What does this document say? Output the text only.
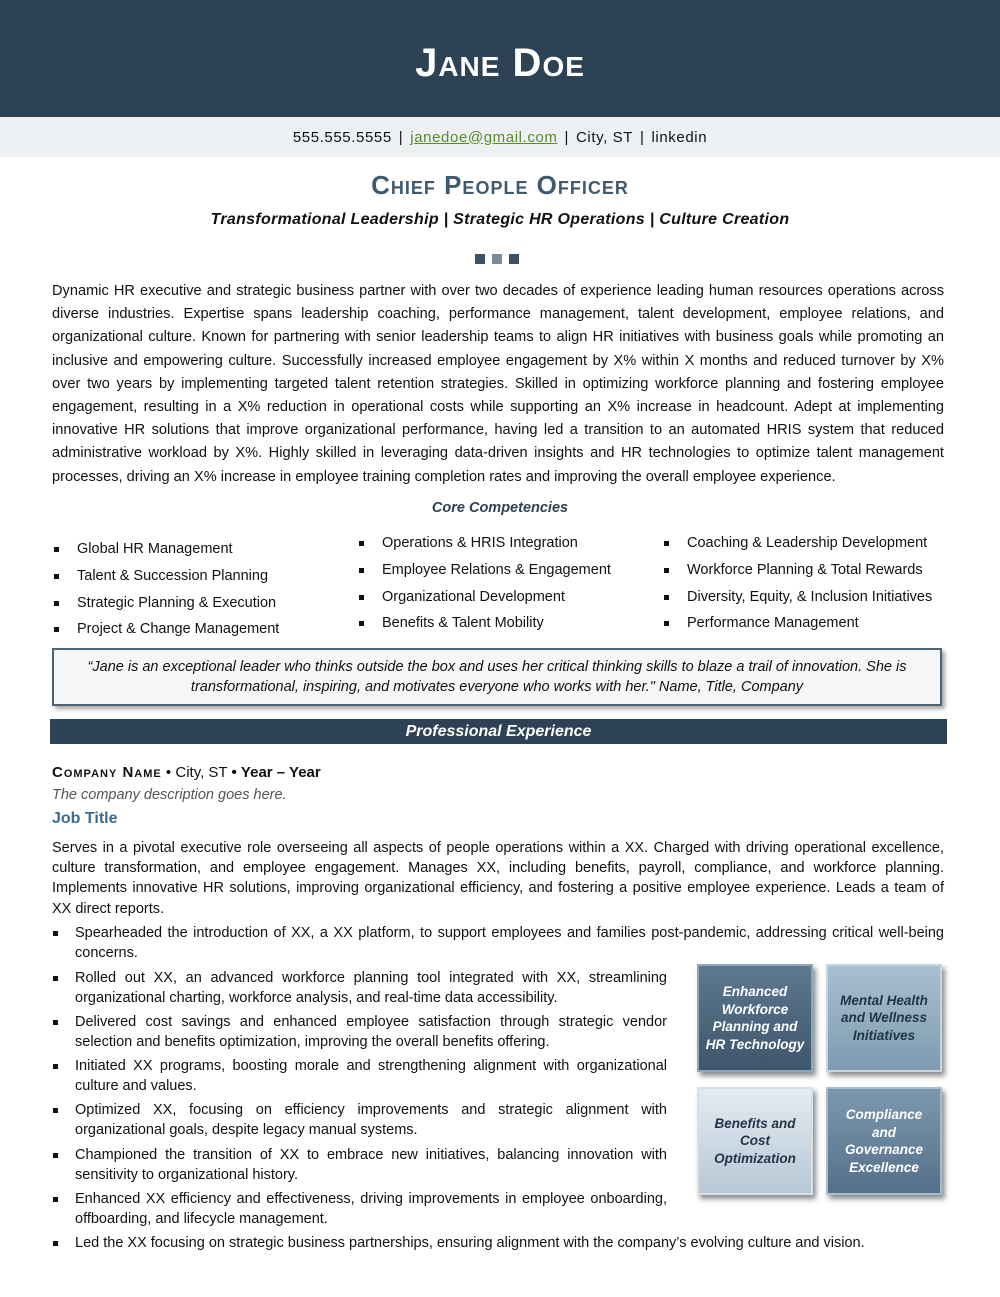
Jane Doe
555.555.5555 | janedoe@gmail.com | City, ST | linkedin
Chief People Officer
Transformational Leadership | Strategic HR Operations | Culture Creation

Dynamic HR executive and strategic business partner with over two decades of experience leading human resources operations across diverse industries. Expertise spans leadership coaching, performance management, talent development, employee relations, and organizational culture. Known for partnering with senior leadership teams to align HR initiatives with business goals while promoting an inclusive and empowering culture. Successfully increased employee engagement by X% within X months and reduced turnover by X% over two years by implementing targeted talent retention strategies. Skilled in optimizing workforce planning and fostering employee engagement, resulting in a X% reduction in operational costs while supporting an X% increase in headcount. Adept at implementing innovative HR solutions that improve organizational performance, having led a transition to an automated HRIS system that reduced administrative workload by X%. Highly skilled in leveraging data-driven insights and HR technologies to optimize talent management processes, driving an X% increase in employee training completion rates and improving the overall employee experience.

Core Competencies
Global HR Management
Talent & Succession Planning
Strategic Planning & Execution
Project & Change Management
Operations & HRIS Integration
Employee Relations & Engagement
Organizational Development
Benefits & Talent Mobility
Coaching & Leadership Development
Workforce Planning & Total Rewards
Diversity, Equity, & Inclusion Initiatives
Performance Management
“Jane is an exceptional leader who thinks outside the box and uses her critical thinking skills to blaze a trail of innovation. She is transformational, inspiring, and motivates everyone who works with her." Name, Title, Company
Professional Experience
Company Name • City, ST • Year – Year
The company description goes here.
Job Title

Serves in a pivotal executive role overseeing all aspects of people operations within a XX. Charged with driving operational excellence, culture transformation, and employee engagement. Manages XX, including benefits, payroll, compliance, and workforce planning. Implements innovative HR solutions, improving organizational efficiency, and fostering a positive employee experience. Leads a team of XX direct reports.

Spearheaded the introduction of XX, a XX platform, to support employees and families post-pandemic, addressing critical well-being concerns.

Rolled out XX, an advanced workforce planning tool integrated with XX, streamlining organizational charting, workforce analysis, and real-time data accessibility.

Delivered cost savings and enhanced employee satisfaction through strategic vendor selection and benefits optimization, improving the overall benefits offering.

Initiated XX programs, boosting morale and strengthening alignment with organizational culture and values.

Optimized XX, focusing on efficiency improvements and strategic alignment with organizational goals, despite legacy manual systems.

Championed the transition of XX to embrace new initiatives, balancing innovation with sensitivity to organizational history.

Enhanced XX efficiency and effectiveness, driving improvements in employee onboarding, offboarding, and lifecycle management.

Led the XX focusing on strategic business partnerships, ensuring alignment with the company’s evolving culture and vision.

Enhanced Workforce Planning and HR Technology
Mental Health and Wellness Initiatives
Benefits and Cost Optimization
Compliance and Governance Excellence
